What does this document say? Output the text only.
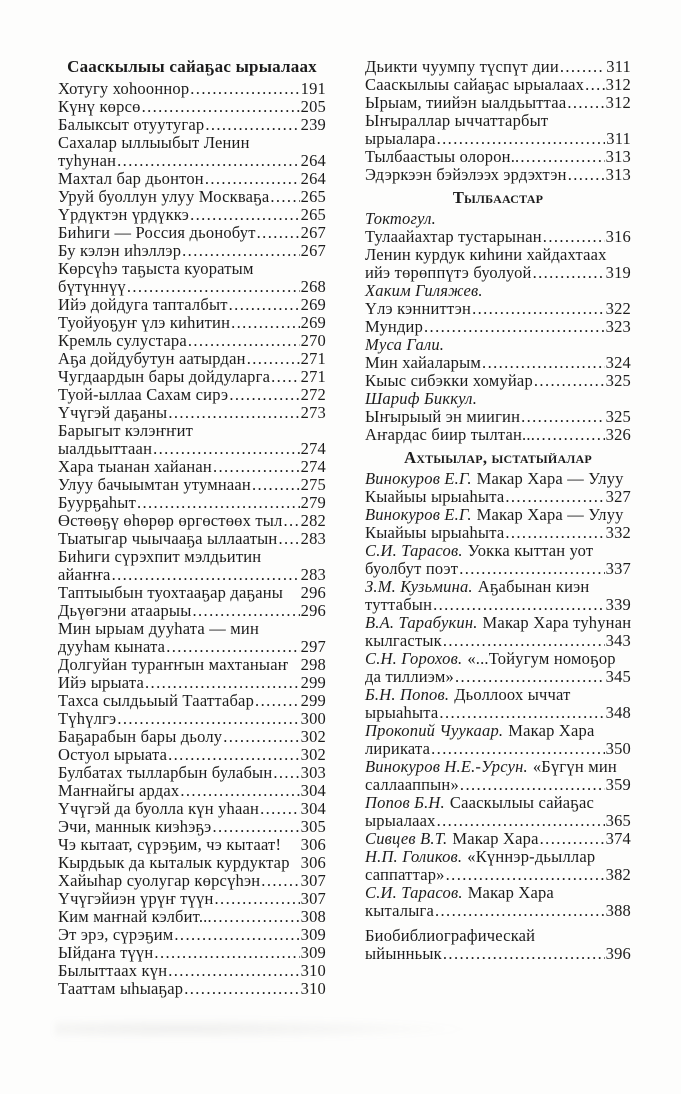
Сааскылыы сайаҕас ырыалаах
Хотугу хоһооннор .....	191
Күнү көрсө .....	205
Балыксыт отуутугар .....	239
Сахалар ыллыыбыт Ленин
туһунан .....	264
Махтал бар дьонтон .....	264
Уруй буоллун улуу Москваҕа ..... 265
Үрдүктэн үрдүккэ .....	265
Биһиги — Россия дьонобут .....	267
Бу кэлэн иһэллэр .....	267
Көрсүһэ таҕыста куоратым
бүтүннүү .....	268
Ийэ дойдуга тапталбыт .....	269
Туойуоҕуҥ үлэ киһитин .....	269
Кремль сулустара .....	270
Аҕа дойдубутун аатырдан .....	271
Чугдаардын бары дойдуларга ..... 271
Туой-ыллаа Сахам сирэ .....	272
Үчүгэй даҕаны .....	273
Барыгыт кэлэҥҥит
ыалдьыттаан .....	274
Хара тыанан хайанан .....	274
Улуу бачыымтан утумнаан .....	275
Буурҕаһыт .....	279
Өстөөҕү өһөрөр өргөстөөх тыл ..... 282
Тыатыгар чыычааҕа ыллаатын ..... 283
Биһиги сүрэхпит мэлдьитин
айаҥҥа .....	283
Таптыыбын туохтааҕар даҕаны 296
Дьүөгэни атаарыы .....	296
Мин ырыам дууһата — мин
дууһам кыната .....	297
Долгуйан тураҥҥын махтаныаҥ 298
Ийэ ырыата .....	299
Тахса сылдьыый Тааттабар .....	299
Түһүлгэ .....	300
Баҕарабын бары дьолу .....	302
Остуол ырыата .....	302
Булбатах тылларбын булабын ..... 303
Маҥнайгы ардах .....	304
Үчүгэй да буолла күн уһаан .....	304
Эчи, маннык киэһэҕэ .....	305
Чэ кытаат, сүрэҕим, чэ кытаат! 306
Кырдьык да кыталык курдуктар 306
Хайыһар суолугар көрсүһэн ..... 307
Үчүгэйиэн үрүҥ түүн .....	307
Ким маҥнай кэлбит... .....	308
Эт эрэ, сүрэҕим .....	309
Ыйдаҥа түүн .....	309
Былыттаах күн .....	310
Тааттам ыһыаҕар .....	310
Дьикти чуумпу түспүт дии .....	311
Сааскылыы сайаҕас ырыалаах ..... 312
Ырыам, тиийэн ыалдьыттаа ..... 312
Ыҥыраллар ыччаттарбыт
ырыалара .....	311
Тылбаастыы олорон.. .....	313
Эдэркээн бэйэлээх эрдэхтэн ..... 313
Тылбаастар
Токтогул.
Тулаайахтар тустарынан .....	316
Ленин курдук киһини хайдахтаах
ийэ төрөппүтэ буолуой .....	319
Хаким Гиляжев.
Үлэ кэнниттэн .....	322
Мундир .....	323
Муса Гали.
Мин хайаларым .....	324
Кыыс сибэкки хомуйар .....	325
Шариф Биккул.
Ыҥырыый эн миигин .....	325
Аҥардас биир тылтан... .....	326
Ахтыылар, ыстатыйалар
Винокуров Е.Г. Макар Хара — Улуу
Кыайыы ырыаһыта .....	327
Винокуров Е.Г. Макар Хара — Улуу
Кыайыы ырыаһыта .....	332
С.И. Тарасов. Уокка кыттан уот
буолбут поэт .....	337
З.М. Кузьмина. Аҕабынан киэн
туттабын .....	339
В.А. Тарабукин. Макар Хара туһунан
кылгастык .....	343
С.Н. Горохов. «...Тойугум номоҕор
да тиллиэм» .....	345
Б.Н. Попов. Дьоллоох ыччат
ырыаһыта .....	348
Прокопий Чуукаар. Макар Хара
лириката .....	350
Винокуров Н.Е.-Урсун. «Бүгүн мин
саллааппын» .....	359
Попов Б.Н. Сааскылыы сайаҕас
ырыалаах .....	365
Сивцев В.Т. Макар Хара .....	374
Н.П. Голиков. «Күннэр-дьыллар
саппаттар» .....	382
С.И. Тарасов. Макар Хара
кыталыга .....	388
Биобиблиографическай
ыйынньык .....	396
